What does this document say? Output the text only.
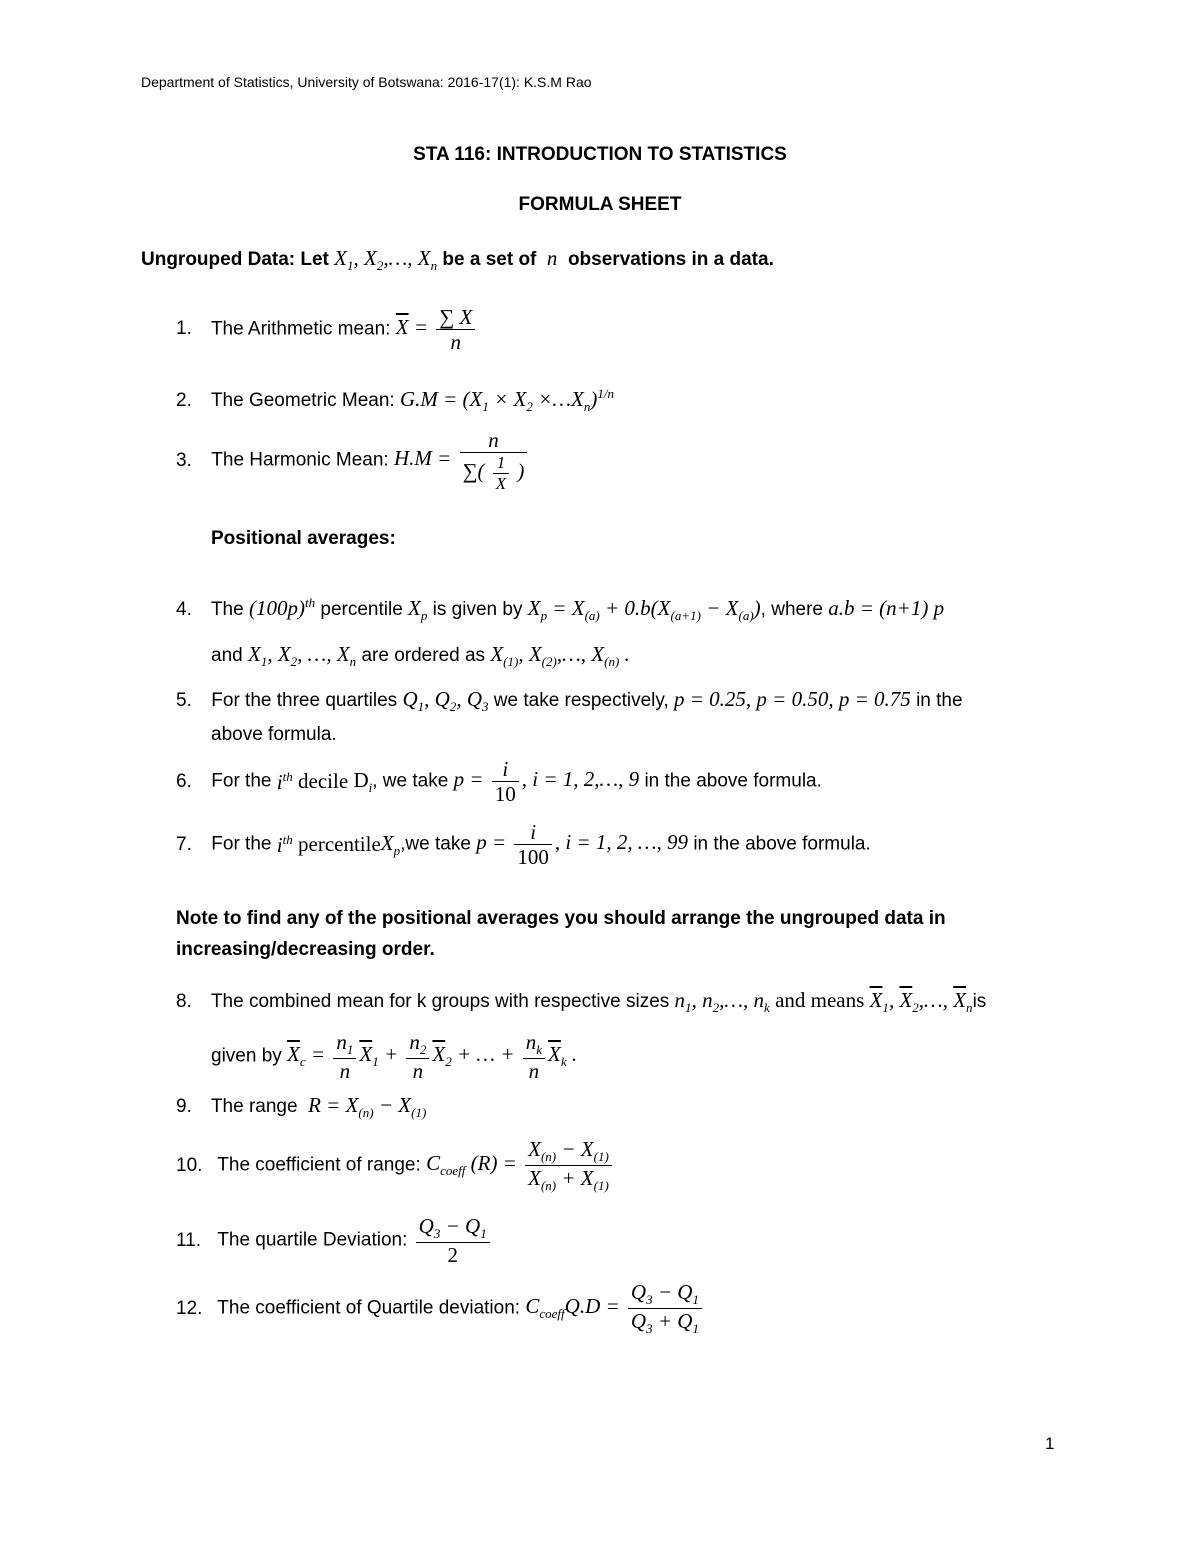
Department of Statistics, University of Botswana: 2016-17(1): K.S.M Rao
STA 116: INTRODUCTION TO STATISTICS
FORMULA SHEET
Ungrouped Data: Let $X_1$, $X_2,\dots$, $X_n$ be a set of  n  observations in a data.
1. The Arithmetic mean: $\overline{X} = \frac{\sum X}{n}$
2. The Geometric Mean: $G.M = (X_1 \times X_2$ $\times\dots X_n)^{1/n}$
3. The Harmonic Mean: $H.M = \frac{n}{\sum( \frac{1}{X} )}$
Positional averages:
4. The $(100p)^{th}$ percentile $X_p$ is given by $X_p = X_{(a)} + 0.b(X_{(a+1)} - X_{(a)})$, where a.b = (n+1) p
and $X_1$, $X_2$, …, $X_n$ are ordered as $X_{(1)}$, $X_{(2)},\dots$, $X_{(n)}$ .
5. For the three quartiles $Q_1$, $Q_2$, $Q_3$ we take respectively, p = 0.25, p = 0.50, p = 0.75 in the
above formula.
6. For the $i^{th}$ decile $D_i$, we take $p = \frac{i}{10}$ , i = 1, 2,…, 9 in the above formula.
7. For the $i^{th}$ percentileX$_p$,we take $p = \frac{i}{100}$ , i = 1, 2, …, 99 in the above formula.
Note to find any of the positional averages you should arrange the ungrouped data in increasing/decreasing order.
8. The combined mean for k groups with respective sizes $n_1$, $n_2,\dots$, $n_k$ and means $\overline{X}_1$, $\overline{X}_2,\dots$, $\overline{X}_nis$
given by $\overline{X}_c = \frac{n_1}{n} \overline{X}_1 + \frac{n_2}{n} \overline{X}_2$ + … + $\frac{n_k}{n} \overline{X}_k$ .
9. The range  $R = X_{(n)} - X_{(1)}$
10. The coefficient of range: $C_{coeff}$ $(R) = \frac{X_{(n)} - X_{(1)}}{X_{(n)} + X_{(1)}}$
11. The quartile Deviation: $\frac{Q_3 - Q_1}{2}$
12. The coefficient of Quartile deviation: $C_{coeff}Q.D = \frac{Q_3 - Q_1}{Q_3 + Q_1}$
1
